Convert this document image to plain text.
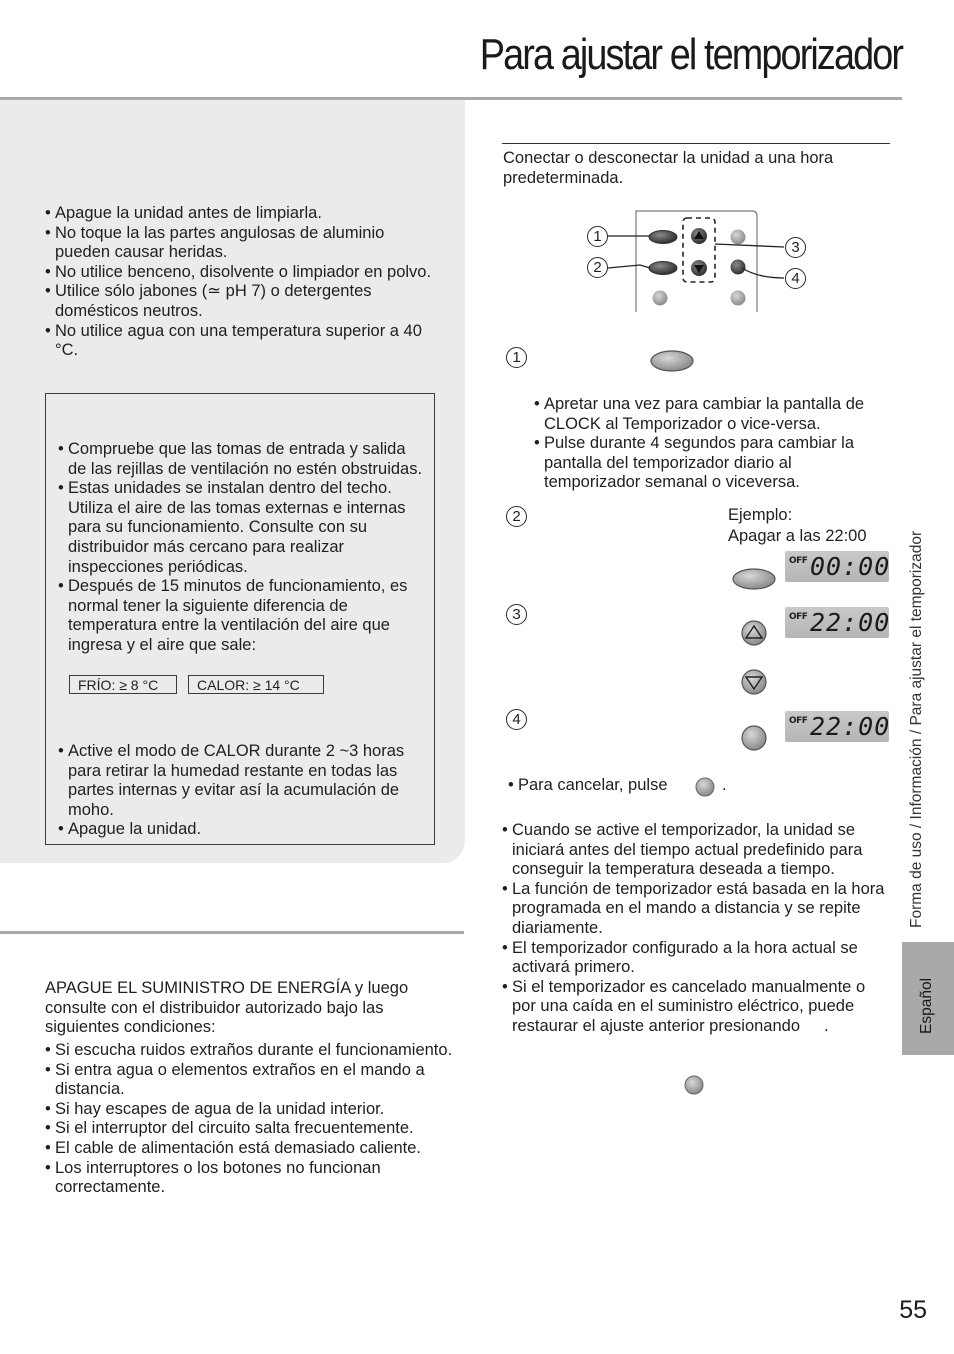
Para ajustar el temporizador
• Apague la unidad antes de limpiarla.
• No toque la las partes angulosas de aluminio pueden causar heridas.
• No utilice benceno, disolvente o limpiador en polvo.
• Utilice sólo jabones (≃ pH 7) o detergentes domésticos neutros.
• No utilice agua con una temperatura superior a 40 °C.
• Compruebe que las tomas de entrada y salida de las rejillas de ventilación no estén obstruidas.
• Estas unidades se instalan dentro del techo. Utiliza el aire de las tomas externas e internas para su funcionamiento. Consulte con su distribuidor más cercano para realizar inspecciones periódicas.
• Después de 15 minutos de funcionamiento, es normal tener la siguiente diferencia de temperatura entre la ventilación del aire que ingresa y el aire que sale:
FRÍO: ≥ 8 °C	CALOR: ≥ 14 °C
• Active el modo de CALOR durante 2 ~3 horas para retirar la humedad restante en todas las partes internas y evitar así la acumulación de moho.
• Apague la unidad.
APAGUE EL SUMINISTRO DE ENERGÍA y luego consulte con el distribuidor autorizado bajo las siguientes condiciones:
• Si escucha ruidos extraños durante el funcionamiento.
• Si entra agua o elementos extraños en el mando a distancia.
• Si hay escapes de agua de la unidad interior.
• Si el interruptor del circuito salta frecuentemente.
• El cable de alimentación está demasiado caliente.
• Los interruptores o los botones no funcionan correctamente.
Conectar o desconectar la unidad a una hora predeterminada.
1
2
3
4
1
• Apretar una vez para cambiar la pantalla de CLOCK al Temporizador o vice-versa.
• Pulse durante 4 segundos para cambiar la pantalla del temporizador diario al temporizador semanal o viceversa.
2	Ejemplo:
Apagar a las 22:00
OFF 00:00
3	OFF 22:00
4	OFF 22:00
• Para cancelar, pulse	.
• Cuando se active el temporizador, la unidad se iniciará antes del tiempo actual predefinido para conseguir la temperatura deseada a tiempo.
• La función de temporizador está basada en la hora programada en el mando a distancia y se repite diariamente.
• El temporizador configurado a la hora actual se activará primero.
• Si el temporizador es cancelado manualmente o por una caída en el suministro eléctrico, puede restaurar el ajuste anterior presionando .
Forma de uso / Información / Para ajustar el temporizador
Español
55
